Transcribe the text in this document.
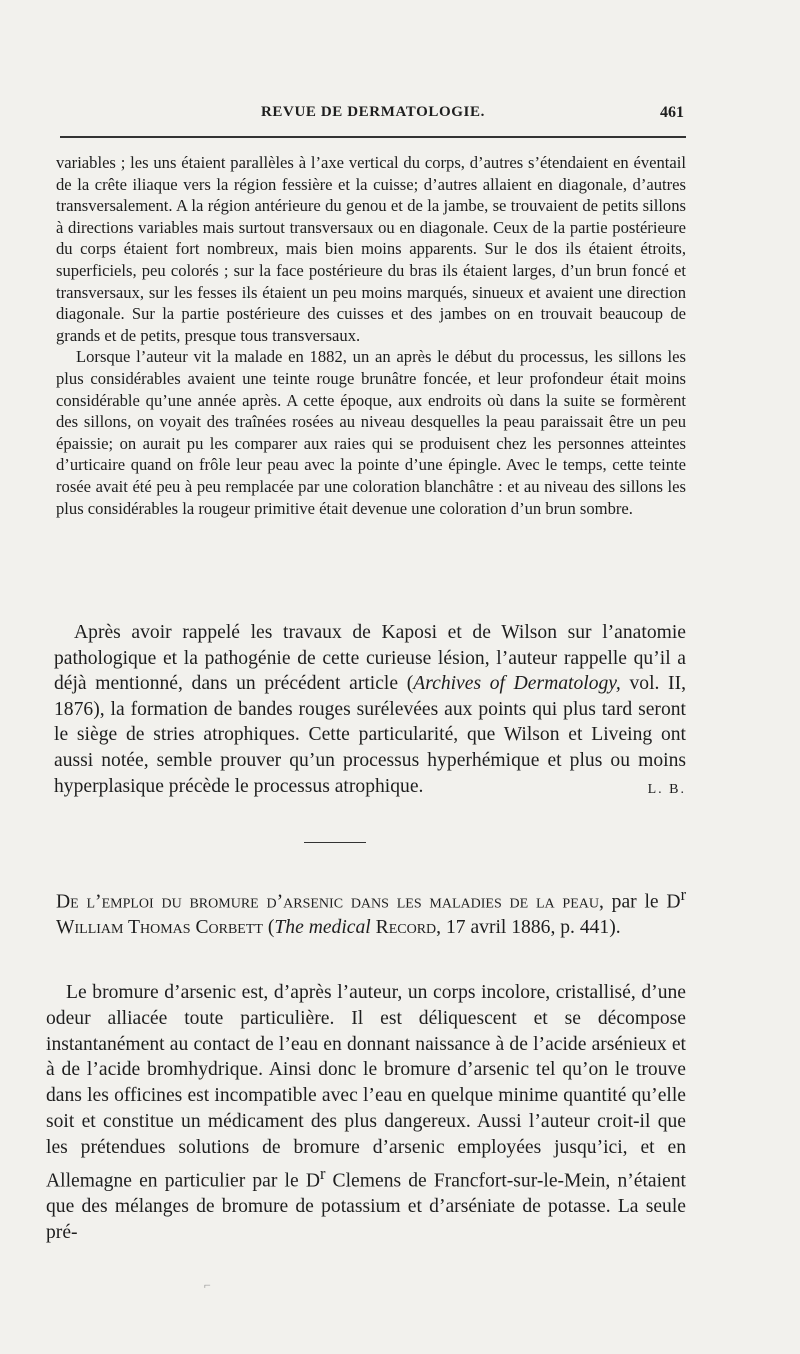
REVUE DE DERMATOLOGIE.	461

variables ; les uns étaient parallèles à l’axe vertical du corps, d’autres s’étendaient en éventail de la crête iliaque vers la région fessière et la cuisse; d’autres allaient en diagonale, d’autres transversalement. A la région antérieure du genou et de la jambe, se trouvaient de petits sillons à directions variables mais surtout transversaux ou en diagonale. Ceux de la partie postérieure du corps étaient fort nombreux, mais bien moins apparents. Sur le dos ils étaient étroits, superficiels, peu colorés ; sur la face postérieure du bras ils étaient larges, d’un brun foncé et transversaux, sur les fesses ils étaient un peu moins marqués, sinueux et avaient une direction diagonale. Sur la partie postérieure des cuisses et des jambes on en trouvait beaucoup de grands et de petits, presque tous transversaux.

Lorsque l’auteur vit la malade en 1882, un an après le début du processus, les sillons les plus considérables avaient une teinte rouge brunâtre foncée, et leur profondeur était moins considérable qu’une année après. A cette époque, aux endroits où dans la suite se formèrent des sillons, on voyait des traînées rosées au niveau desquelles la peau paraissait être un peu épaissie; on aurait pu les comparer aux raies qui se produisent chez les personnes atteintes d’urticaire quand on frôle leur peau avec la pointe d’une épingle. Avec le temps, cette teinte rosée avait été peu à peu remplacée par une coloration blanchâtre : et au niveau des sillons les plus considérables la rougeur primitive était devenue une coloration d’un brun sombre.

Après avoir rappelé les travaux de Kaposi et de Wilson sur l’anatomie pathologique et la pathogénie de cette curieuse lésion, l’auteur rappelle qu’il a déjà mentionné, dans un précédent article (Archives of Dermatology, vol. II, 1876), la formation de bandes rouges surélevées aux points qui plus tard seront le siège de stries atrophiques. Cette particularité, que Wilson et Liveing ont aussi notée, semble prouver qu’un processus hyperhémique et plus ou moins hyperplasique précède le processus atrophique.	L. B.

De l’emploi du bromure d’arsenic dans les maladies de la peau, par le $D^r$ William Thomas Corbett (The medical Record, 17 avril 1886, p. 441).

Le bromure d’arsenic est, d’après l’auteur, un corps incolore, cristallisé, d’une odeur alliacée toute particulière. Il est déliquescent et se décompose instantanément au contact de l’eau en donnant naissance à de l’acide arsénieux et à de l’acide bromhydrique. Ainsi donc le bromure d’arsenic tel qu’on le trouve dans les officines est incompatible avec l’eau en quelque minime quantité qu’elle soit et constitue un médicament des plus dangereux. Aussi l’auteur croit-il que les prétendues solutions de bromure d’arsenic employées jusqu’ici, et en Allemagne en particulier par le $D^r$ Clemens de Francfort-sur-le-Mein, n’étaient que des mélanges de bromure de potassium et d’arséniate de potasse. La seule pré-

⌐
